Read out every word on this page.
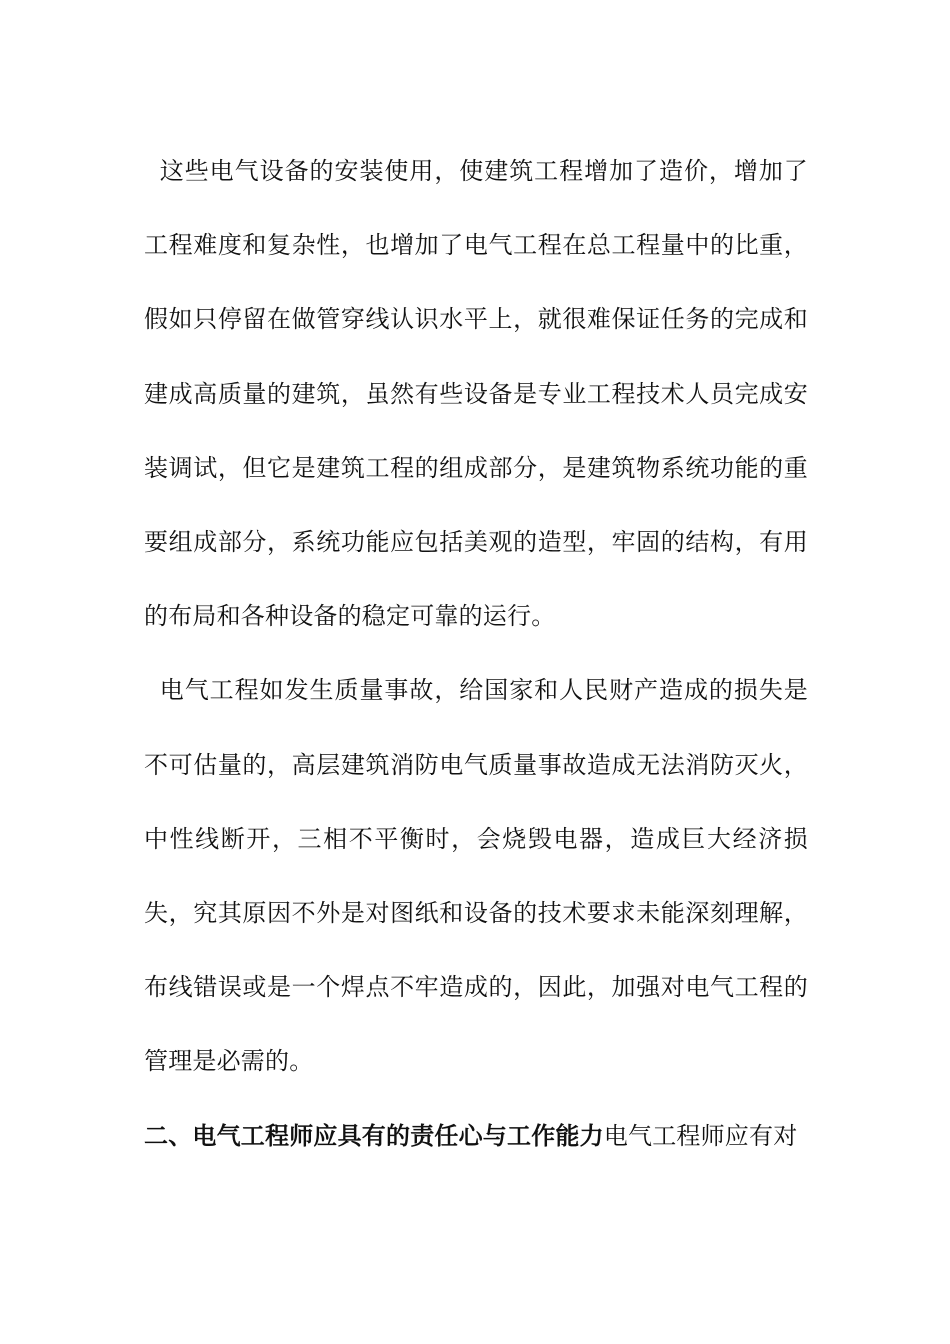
这些电气设备的安装使用，使建筑工程增加了造价，增加了工程难度和复杂性，也增加了电气工程在总工程量中的比重，假如只停留在做管穿线认识水平上，就很难保证任务的完成和建成高质量的建筑，虽然有些设备是专业工程技术人员完成安装调试，但它是建筑工程的组成部分，是建筑物系统功能的重要组成部分，系统功能应包括美观的造型，牢固的结构，有用的布局和各种设备的稳定可靠的运行。

电气工程如发生质量事故，给国家和人民财产造成的损失是不可估量的，高层建筑消防电气质量事故造成无法消防灭火，中性线断开，三相不平衡时，会烧毁电器，造成巨大经济损失，究其原因不外是对图纸和设备的技术要求未能深刻理解，布线错误或是一个焊点不牢造成的，因此，加强对电气工程的管理是必需的。

二、电气工程师应具有的责任心与工作能力电气工程师应有对
